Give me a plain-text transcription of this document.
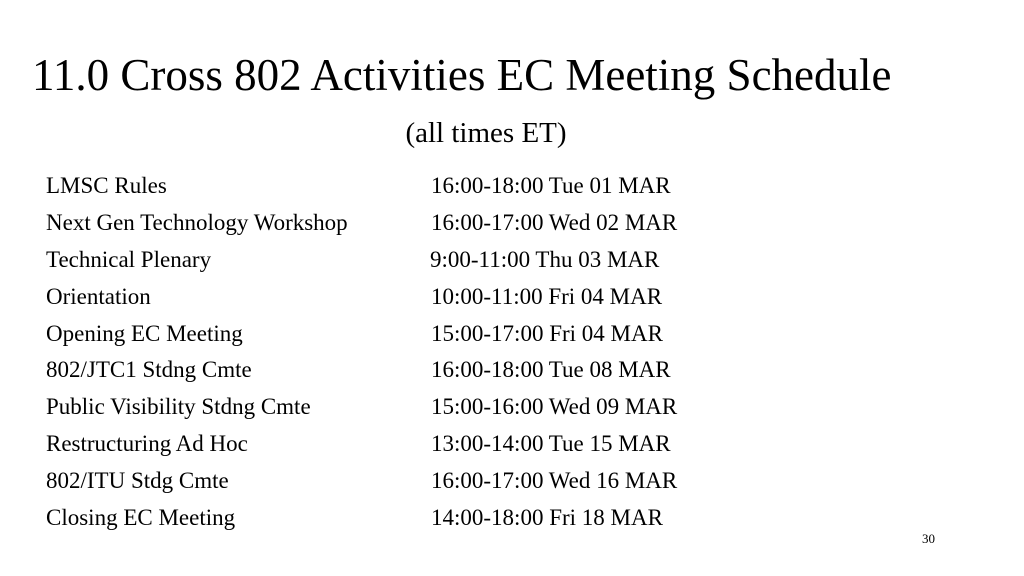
11.0 Cross 802 Activities EC Meeting Schedule
(all times ET)
LMSC Rules	16:00-18:00 Tue 01 MAR
Next Gen Technology Workshop	16:00-17:00 Wed 02 MAR
Technical Plenary	9:00-11:00 Thu 03 MAR
Orientation	10:00-11:00 Fri 04 MAR
Opening EC Meeting	15:00-17:00 Fri 04 MAR
802/JTC1 Stdng Cmte	16:00-18:00 Tue 08 MAR
Public Visibility Stdng Cmte	15:00-16:00 Wed 09 MAR
Restructuring Ad Hoc	13:00-14:00 Tue 15 MAR
802/ITU Stdg Cmte	16:00-17:00 Wed 16 MAR
Closing EC Meeting	14:00-18:00 Fri 18 MAR
30
